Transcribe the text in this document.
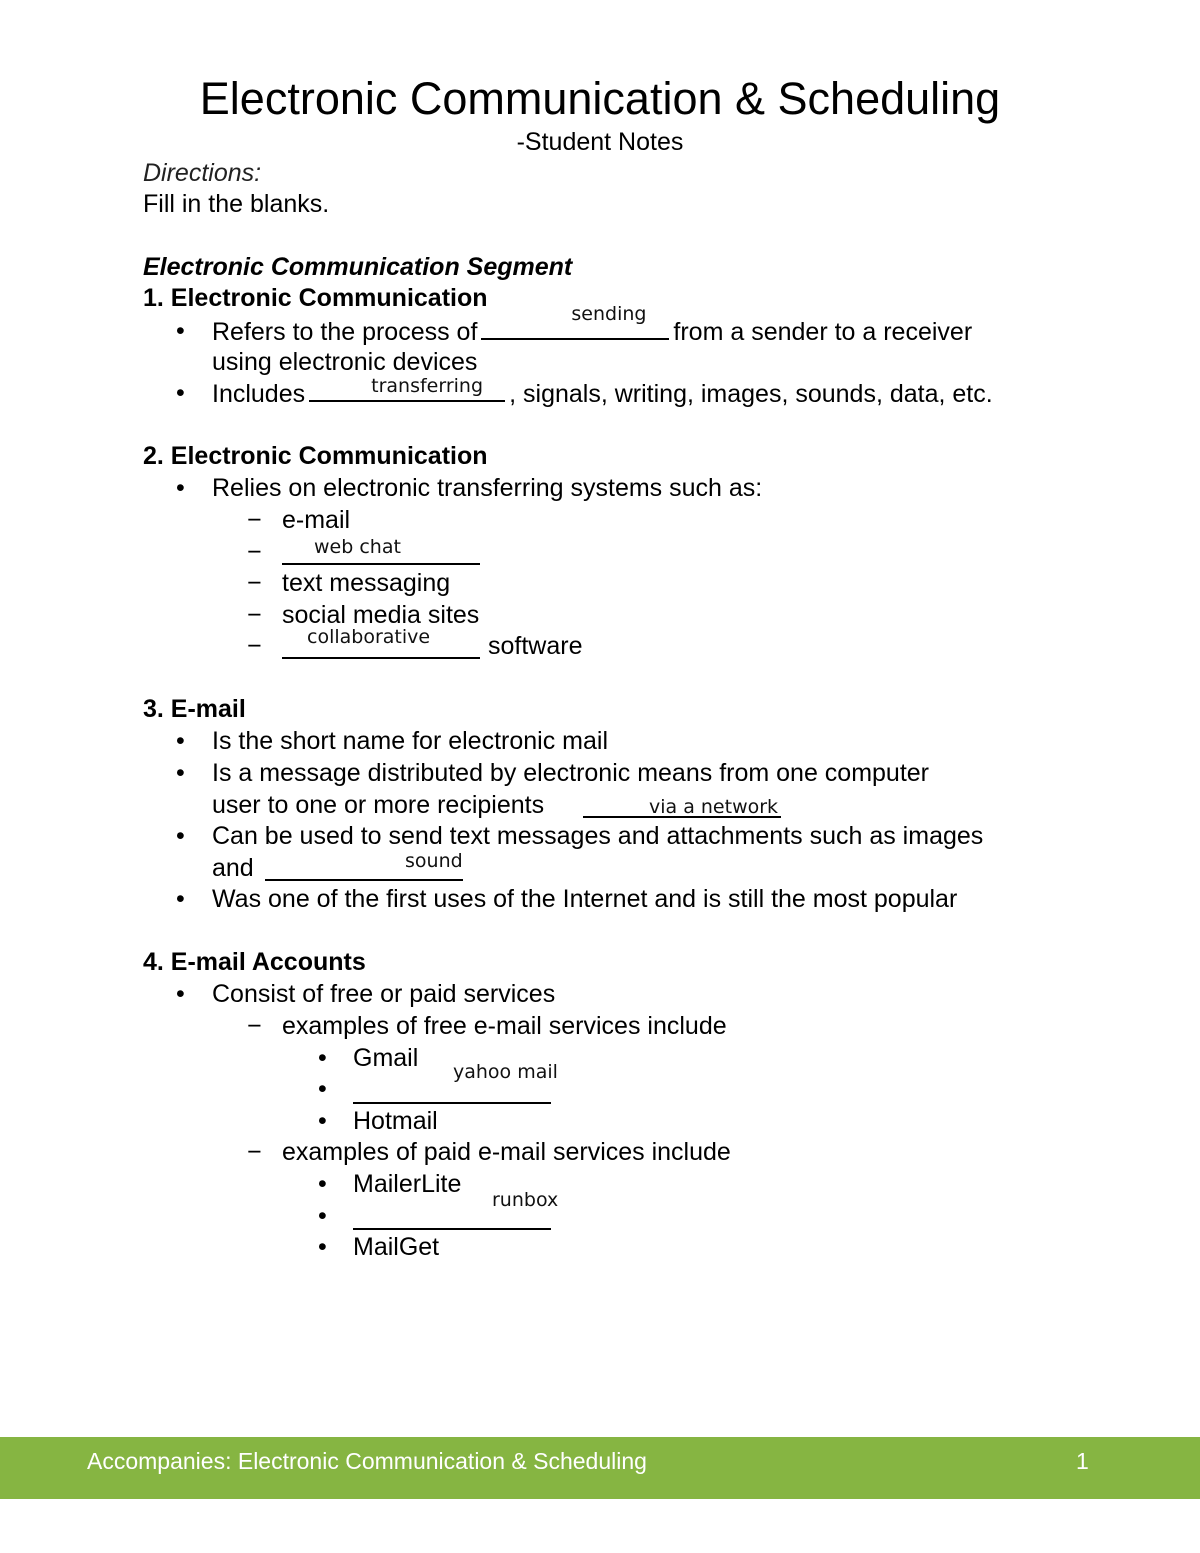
Electronic Communication & Scheduling
-Student Notes
Directions:
Fill in the blanks.
Electronic Communication Segment
1. Electronic Communication
• Refers to the process of
sending
from a sender to a receiver
using electronic devices
• Includes	transferring , signals, writing, images, sounds, data, etc.
2. Electronic Communication
• Relies on electronic transferring systems such as:
− e-mail
−	web chat
− text messaging
− social media sites
− collaborative software
3. E-mail
• Is the short name for electronic mail
• Is a message distributed by electronic means from one computer
user to one or more recipients	via a network
• Can be used to send text messages and attachments such as images
and	sound
• Was one of the first uses of the Internet and is still the most popular
4. E-mail Accounts
• Consist of free or paid services
− examples of free e-mail services include
• Gmail
•
yahoo mail
• Hotmail
− examples of paid e-mail services include
• MailerLite
•
runbox
• MailGet
Accompanies: Electronic Communication & Scheduling	1
